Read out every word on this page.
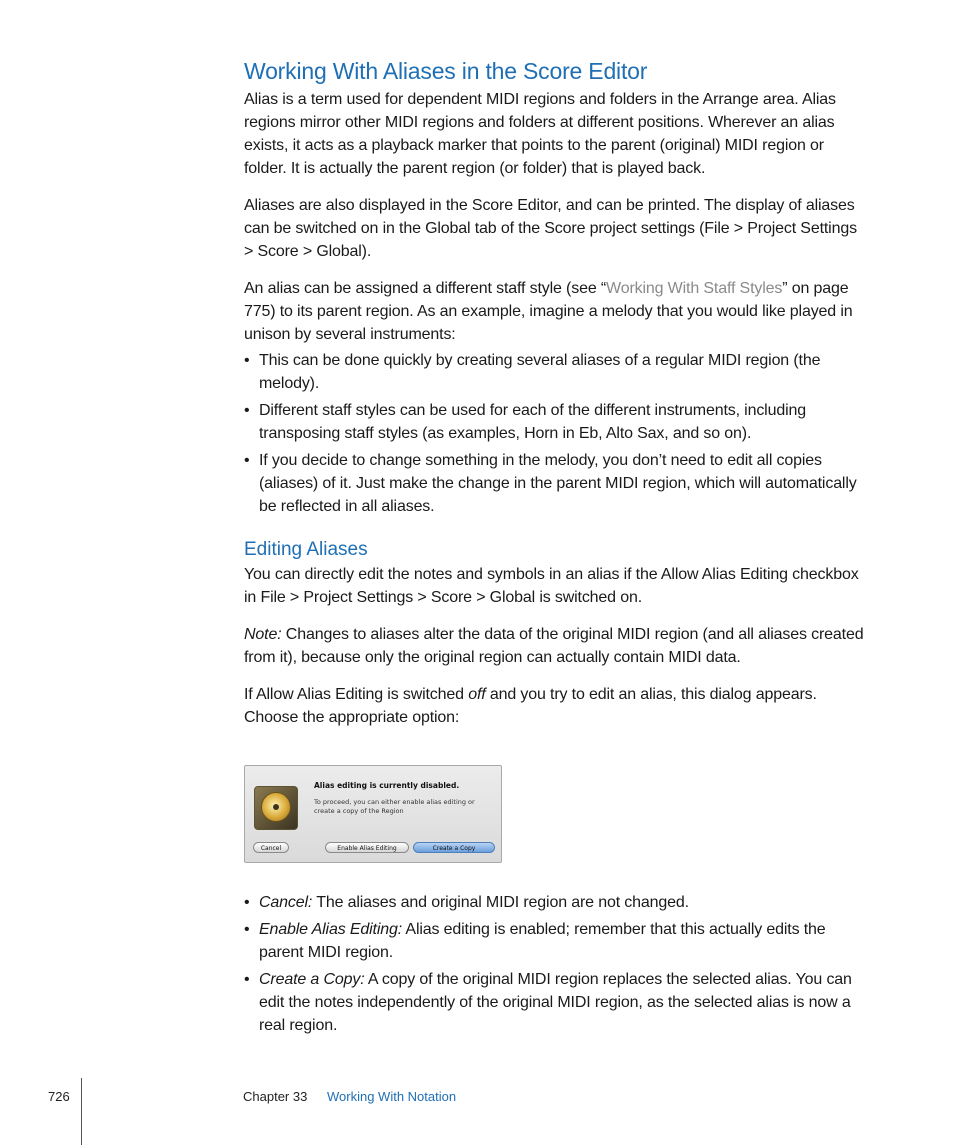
Working With Aliases in the Score Editor

Alias is a term used for dependent MIDI regions and folders in the Arrange area. Alias regions mirror other MIDI regions and folders at different positions. Wherever an alias exists, it acts as a playback marker that points to the parent (original) MIDI region or folder. It is actually the parent region (or folder) that is played back.

Aliases are also displayed in the Score Editor, and can be printed. The display of aliases can be switched on in the Global tab of the Score project settings (File > Project Settings > Score > Global).

An alias can be assigned a different staff style (see “Working With Staff Styles” on page 775) to its parent region. As an example, imagine a melody that you would like played in unison by several instruments:

• This can be done quickly by creating several aliases of a regular MIDI region (the melody).
• Different staff styles can be used for each of the different instruments, including transposing staff styles (as examples, Horn in Eb, Alto Sax, and so on).
• If you decide to change something in the melody, you don’t need to edit all copies (aliases) of it. Just make the change in the parent MIDI region, which will automatically be reflected in all aliases.
Editing Aliases

You can directly edit the notes and symbols in an alias if the Allow Alias Editing checkbox in File > Project Settings > Score > Global is switched on.

Note: Changes to aliases alter the data of the original MIDI region (and all aliases created from it), because only the original region can actually contain MIDI data.

If Allow Alias Editing is switched off and you try to edit an alias, this dialog appears. Choose the appropriate option:

Alias editing is currently disabled.
To proceed, you can either enable alias editing or create a copy of the Region
Cancel	Enable Alias Editing	Create a Copy
• Cancel: The aliases and original MIDI region are not changed.
• Enable Alias Editing: Alias editing is enabled; remember that this actually edits the parent MIDI region.
• Create a Copy: A copy of the original MIDI region replaces the selected alias. You can edit the notes independently of the original MIDI region, as the selected alias is now a real region.
726	Chapter 33 Working With Notation
